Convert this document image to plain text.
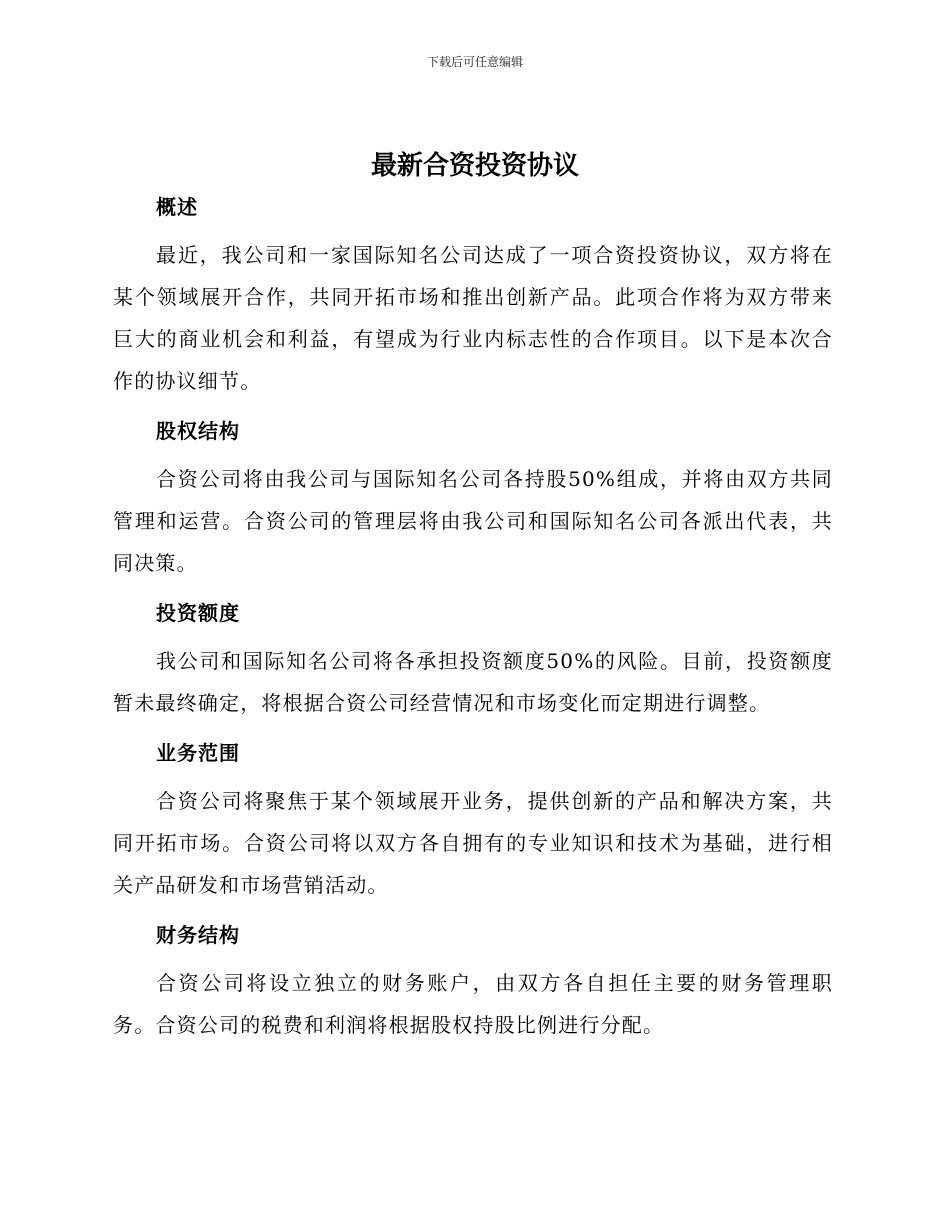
下载后可任意编辑
最新合资投资协议
概述

最近，我公司和一家国际知名公司达成了一项合资投资协议，双方将在某个领域展开合作，共同开拓市场和推出创新产品。此项合作将为双方带来巨大的商业机会和利益，有望成为行业内标志性的合作项目。以下是本次合作的协议细节。

股权结构

合资公司将由我公司与国际知名公司各持股50%组成，并将由双方共同管理和运营。合资公司的管理层将由我公司和国际知名公司各派出代表，共同决策。

投资额度

我公司和国际知名公司将各承担投资额度50%的风险。目前，投资额度暂未最终确定，将根据合资公司经营情况和市场变化而定期进行调整。

业务范围

合资公司将聚焦于某个领域展开业务，提供创新的产品和解决方案，共同开拓市场。合资公司将以双方各自拥有的专业知识和技术为基础，进行相关产品研发和市场营销活动。

财务结构

合资公司将设立独立的财务账户，由双方各自担任主要的财务管理职务。合资公司的税费和利润将根据股权持股比例进行分配。
